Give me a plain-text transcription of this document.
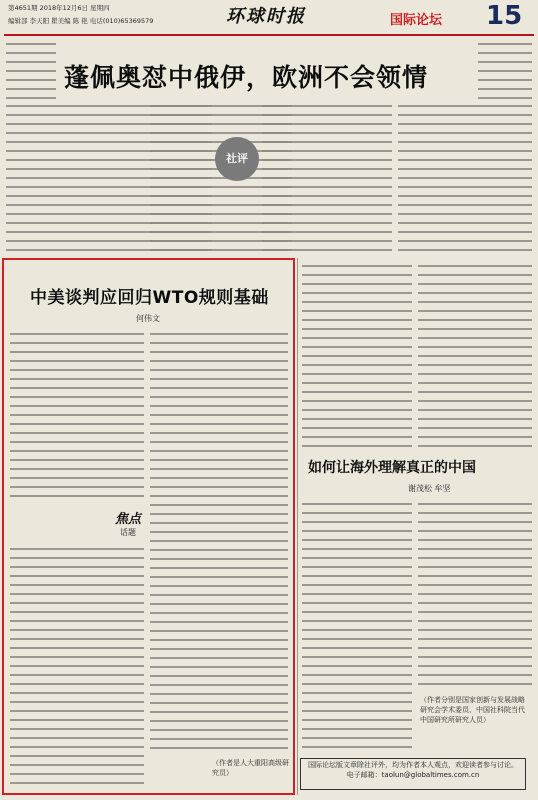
第4651期 2018年12月6日 星期四
编辑部 李天阳 瞿美编 陈 艳 电话(010)65369579	环球时报	国际论坛 15
蓬佩奥怼中俄伊，欧洲不会领情
社评
中美谈判应回归WTO规则基础
何伟文
焦点
话题
（作者是人大重阳高级研究员）
如何让海外理解真正的中国
谢茂松 牟坚
（作者分别是国家创新与发展战略研究会学术委员、中国社科院当代中国研究所研究人员）
国际论坛版文章除社评外，均为作者本人观点，欢迎读者参与讨论。电子邮箱：taolun@globaltimes.com.cn
